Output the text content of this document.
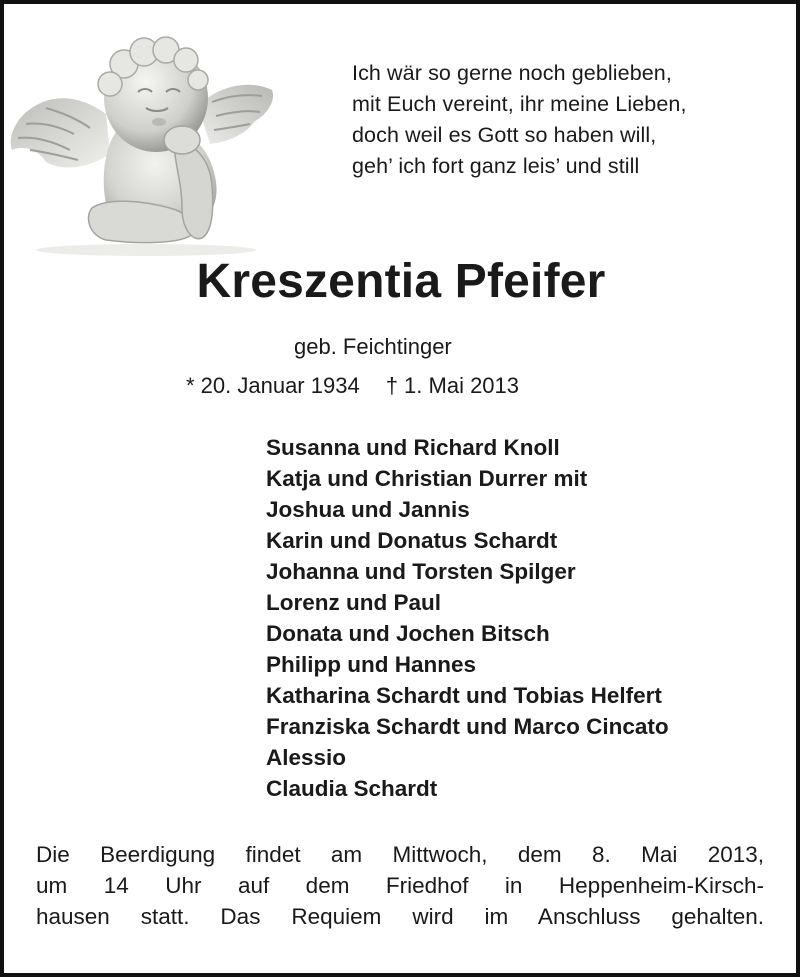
Ich wär so gerne noch geblieben,
mit Euch vereint, ihr meine Lieben,
doch weil es Gott so haben will,
geh’ ich fort ganz leis’ und still
Kreszentia Pfeifer
geb. Feichtinger
* 20. Januar 1934 † 1. Mai 2013
Susanna und Richard Knoll
Katja und Christian Durrer mit
Joshua und Jannis
Karin und Donatus Schardt
Johanna und Torsten Spilger
Lorenz und Paul
Donata und Jochen Bitsch
Philipp und Hannes
Katharina Schardt und Tobias Helfert
Franziska Schardt und Marco Cincato
Alessio
Claudia Schardt
Die Beerdigung findet am Mittwoch, dem 8. Mai 2013,
um 14 Uhr auf dem Friedhof in Heppenheim-Kirsch-
hausen statt. Das Requiem wird im Anschluss gehalten.
